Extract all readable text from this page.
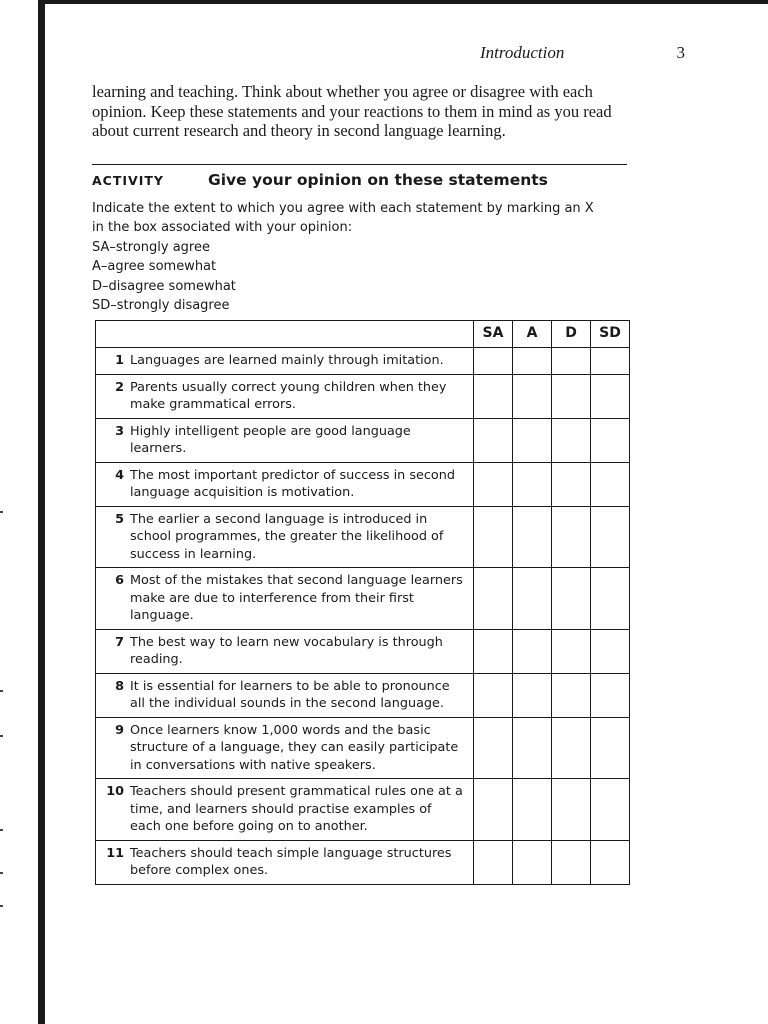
Introduction	3

learning and teaching. Think about whether you agree or disagree with each opinion. Keep these statements and your reactions to them in mind as you read about current research and theory in second language learning.

ACTIVITY	Give your opinion on these statements
Indicate the extent to which you agree with each statement by marking an X
in the box associated with your opinion:
SA–strongly agree
A–agree somewhat
D–disagree somewhat
SD–strongly disagree
	SA	A	D	SD
1 Languages are learned mainly through imitation.				
2 Parents usually correct young children when they make grammatical errors.				
3 Highly intelligent people are good language learners.				
4 The most important predictor of success in second language acquisition is motivation.				
5 The earlier a second language is introduced in school programmes, the greater the likelihood of success in learning.				
6 Most of the mistakes that second language learners make are due to interference from their first language.				
7 The best way to learn new vocabulary is through reading.				
8 It is essential for learners to be able to pronounce all the individual sounds in the second language.				
9 Once learners know 1,000 words and the basic structure of a language, they can easily participate in conversations with native speakers.				
10 Teachers should present grammatical rules one at a time, and learners should practise examples of each one before going on to another.				
11 Teachers should teach simple language structures before complex ones.				
